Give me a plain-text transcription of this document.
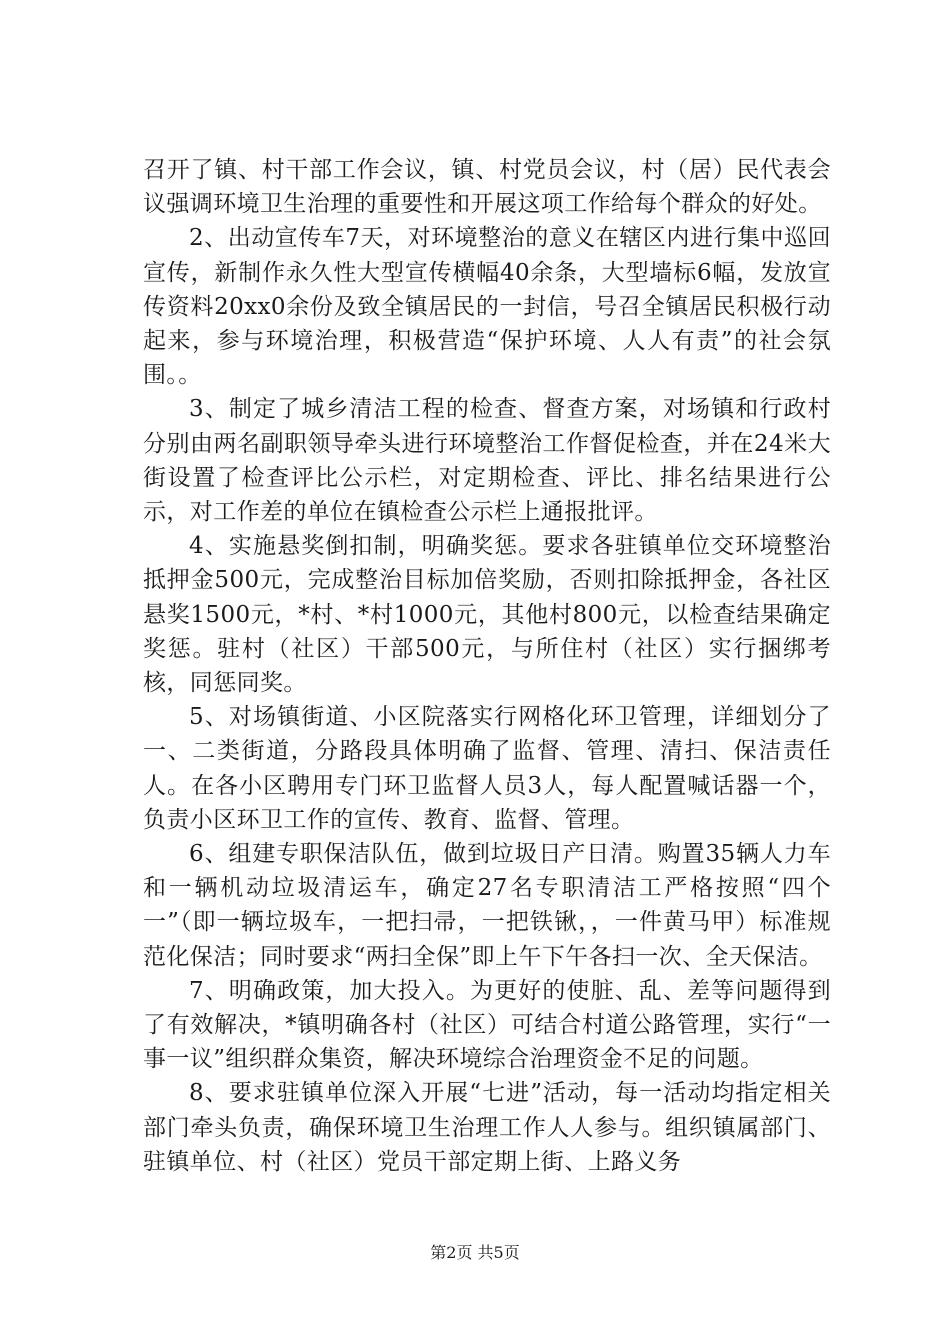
召开了镇、村干部工作会议，镇、村党员会议，村（居）民代表会议强调环境卫生治理的重要性和开展这项工作给每个群众的好处。

2、出动宣传车7天，对环境整治的意义在辖区内进行集中巡回宣传，新制作永久性大型宣传横幅40余条，大型墙标6幅，发放宣传资料20xx0余份及致全镇居民的一封信，号召全镇居民积极行动起来，参与环境治理，积极营造“保护环境、人人有责”的社会氛围。。

3、制定了城乡清洁工程的检查、督查方案，对场镇和行政村分别由两名副职领导牵头进行环境整治工作督促检查，并在24米大街设置了检查评比公示栏，对定期检查、评比、排名结果进行公示，对工作差的单位在镇检查公示栏上通报批评。

4、实施悬奖倒扣制，明确奖惩。要求各驻镇单位交环境整治抵押金500元，完成整治目标加倍奖励，否则扣除抵押金，各社区悬奖1500元，*村、*村1000元，其他村800元，以检查结果确定奖惩。驻村（社区）干部500元，与所住村（社区）实行捆绑考核，同惩同奖。

5、对场镇街道、小区院落实行网格化环卫管理，详细划分了一、二类街道，分路段具体明确了监督、管理、清扫、保洁责任人。在各小区聘用专门环卫监督人员3人，每人配置喊话器一个，负责小区环卫工作的宣传、教育、监督、管理。

6、组建专职保洁队伍，做到垃圾日产日清。购置35辆人力车和一辆机动垃圾清运车，确定27名专职清洁工严格按照“四个一”（即一辆垃圾车，一把扫帚，一把铁锹，，一件黄马甲）标准规范化保洁；同时要求“两扫全保”即上午下午各扫一次、全天保洁。

7、明确政策，加大投入。为更好的使脏、乱、差等问题得到了有效解决，*镇明确各村（社区）可结合村道公路管理，实行“一事一议”组织群众集资，解决环境综合治理资金不足的问题。

8、要求驻镇单位深入开展“七进”活动，每一活动均指定相关部门牵头负责，确保环境卫生治理工作人人参与。组织镇属部门、驻镇单位、村（社区）党员干部定期上街、上路义务

第2页 共5页
